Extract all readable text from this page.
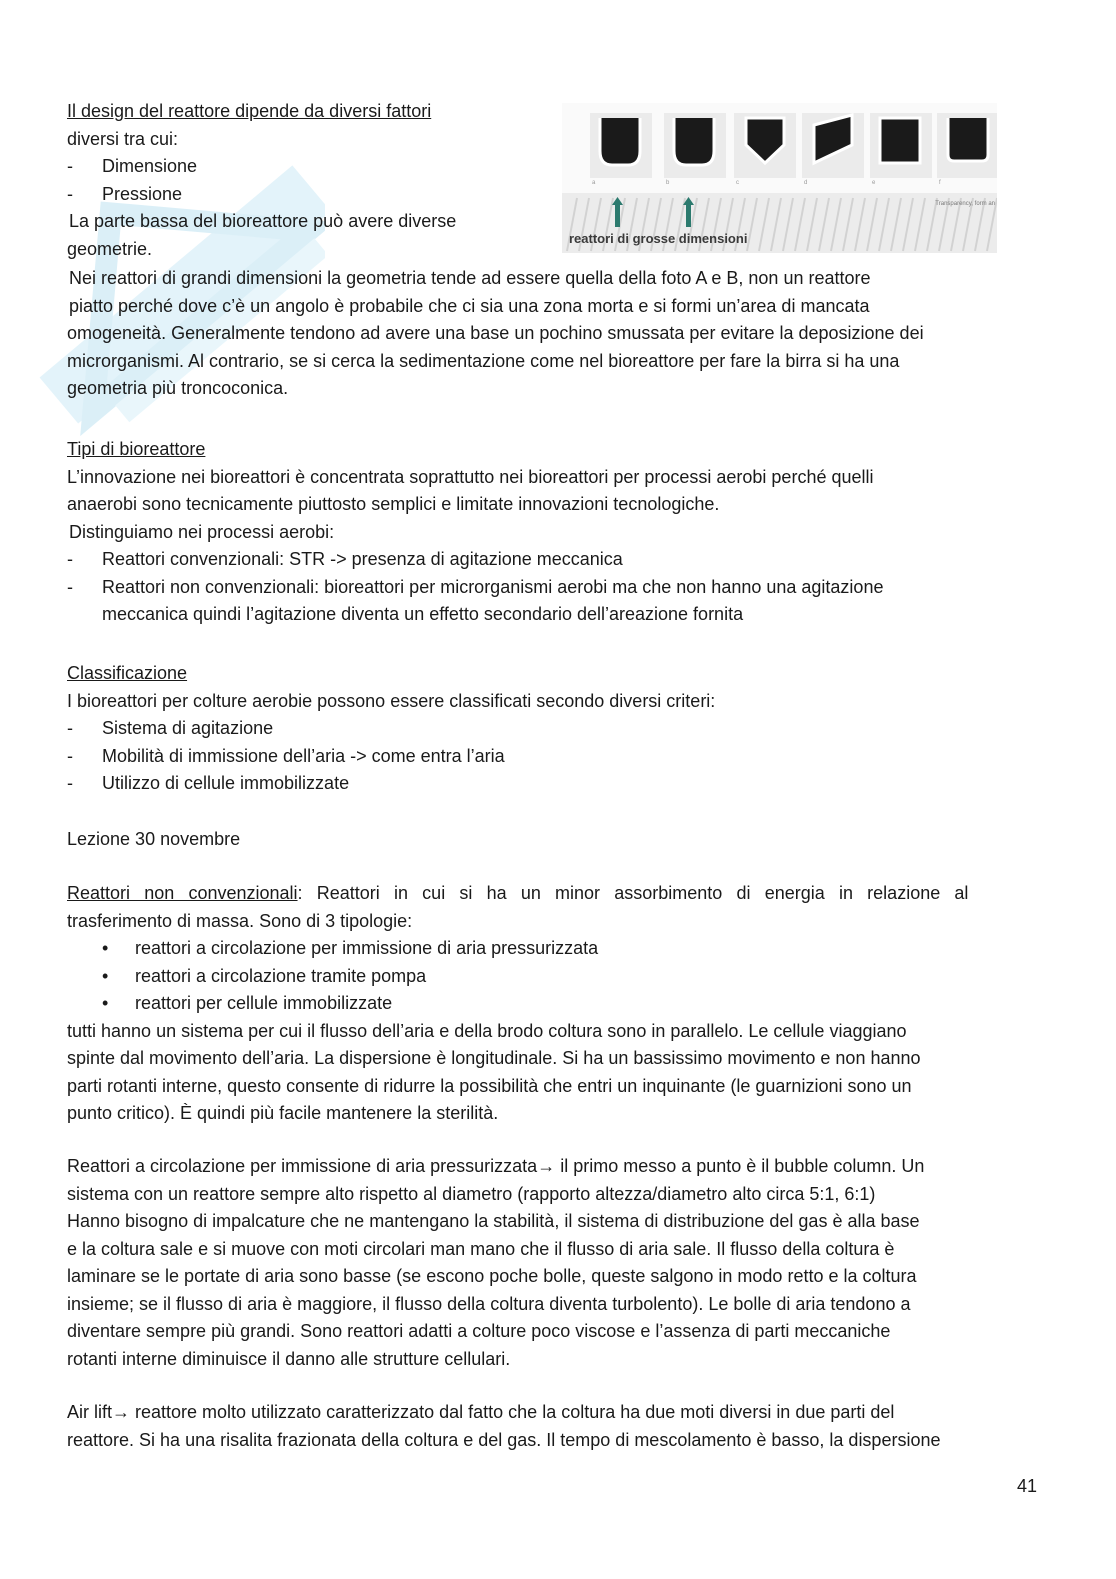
Il design del reattore dipende da diversi fattori
diversi tra cui:
- Dimensione
- Pressione
La parte bassa del bioreattore può avere diverse
geometrie.
Nei reattori di grandi dimensioni la geometria tende ad essere quella della foto A e B, non un reattore
piatto perché dove c’è un angolo è probabile che ci sia una zona morta e si formi un’area di mancata
omogeneità. Generalmente tendono ad avere una base un pochino smussata per evitare la deposizione dei
microrganismi. Al contrario, se si cerca la sedimentazione come nel bioreattore per fare la birra si ha una
geometria più troncoconica.
Transparency, form an
reattori di grosse dimensioni
a	b	c	d	e	f
Tipi di bioreattore
L’innovazione nei bioreattori è concentrata soprattutto nei bioreattori per processi aerobi perché quelli
anaerobi sono tecnicamente piuttosto semplici e limitate innovazioni tecnologiche.
Distinguiamo nei processi aerobi:
- Reattori convenzionali: STR -> presenza di agitazione meccanica
- Reattori non convenzionali: bioreattori per microrganismi aerobi ma che non hanno una agitazione
meccanica quindi l’agitazione diventa un effetto secondario dell’areazione fornita
Classificazione
I bioreattori per colture aerobie possono essere classificati secondo diversi criteri:
- Sistema di agitazione
- Mobilità di immissione dell’aria -> come entra l’aria
- Utilizzo di cellule immobilizzate
Lezione 30 novembre
Reattori non convenzionali: Reattori in cui si ha un minor assorbimento di energia in relazione al
trasferimento di massa. Sono di 3 tipologie:
• reattori a circolazione per immissione di aria pressurizzata
• reattori a circolazione tramite pompa
• reattori per cellule immobilizzate
tutti hanno un sistema per cui il flusso dell’aria e della brodo coltura sono in parallelo. Le cellule viaggiano
spinte dal movimento dell’aria. La dispersione è longitudinale. Si ha un bassissimo movimento e non hanno
parti rotanti interne, questo consente di ridurre la possibilità che entri un inquinante (le guarnizioni sono un
punto critico). È quindi più facile mantenere la sterilità.
Reattori a circolazione per immissione di aria pressurizzata→ il primo messo a punto è il bubble column. Un
sistema con un reattore sempre alto rispetto al diametro (rapporto altezza/diametro alto circa 5:1, 6:1)
Hanno bisogno di impalcature che ne mantengano la stabilità, il sistema di distribuzione del gas è alla base
e la coltura sale e si muove con moti circolari man mano che il flusso di aria sale. Il flusso della coltura è
laminare se le portate di aria sono basse (se escono poche bolle, queste salgono in modo retto e la coltura
insieme; se il flusso di aria è maggiore, il flusso della coltura diventa turbolento). Le bolle di aria tendono a
diventare sempre più grandi. Sono reattori adatti a colture poco viscose e l’assenza di parti meccaniche
rotanti interne diminuisce il danno alle strutture cellulari.
Air lift→ reattore molto utilizzato caratterizzato dal fatto che la coltura ha due moti diversi in due parti del
reattore. Si ha una risalita frazionata della coltura e del gas. Il tempo di mescolamento è basso, la dispersione
41
